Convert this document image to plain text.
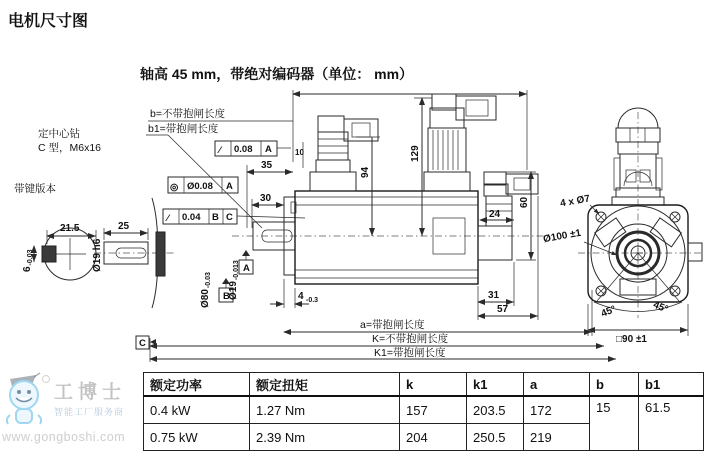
电机尺寸图
轴高 45 mm，带绝对编码器（单位： mm）
定中心钻
C 型，M6x16
带键版本
21.5
6-0.03
25
Ø19 h6
b=不带抱闸长度
b1=带抱闸长度
∕ 0.08 A	10
35
30
◎ Ø0.08 A
∕ 0.04 B C
94
129
60
24
A
B
Ø80-0.03
Ø19-0.013
4 -0.3	31
57
a=带抱闸长度
K=不带抱闸长度
K1=带抱闸长度
C
45°	45°
4 x Ø7
Ø100 ±1
□90 ±1
额定功率	额定扭矩	k	k1	a	b	b1
0.4 kW	1.27 Nm	157	203.5	172	15	61.5
0.75 kW	2.39 Nm	204	250.5	219		
工博士
智能工厂服务商
www.gongboshi.com
